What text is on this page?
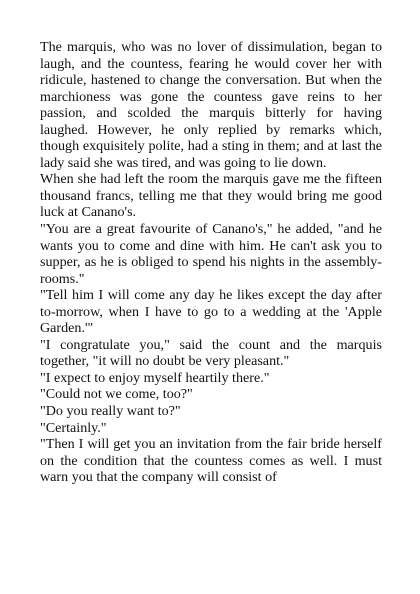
The marquis, who was no lover of dissimulation, began to laugh, and the countess, fearing he would cover her with ridicule, hastened to change the conversation. But when the marchioness was gone the countess gave reins to her passion, and scolded the marquis bitterly for having laughed. However, he only replied by remarks which, though exquisitely polite, had a sting in them; and at last the lady said she was tired, and was going to lie down.

When she had left the room the marquis gave me the fifteen thousand francs, telling me that they would bring me good luck at Canano's.

"You are a great favourite of Canano's," he added, "and he wants you to come and dine with him. He can't ask you to supper, as he is obliged to spend his nights in the assembly-rooms."

"Tell him I will come any day he likes except the day after to-morrow, when I have to go to a wedding at the 'Apple Garden.'"

"I congratulate you," said the count and the marquis together, "it will no doubt be very pleasant."

"I expect to enjoy myself heartily there."

"Could not we come, too?"

"Do you really want to?"

"Certainly."

"Then I will get you an invitation from the fair bride herself on the condition that the countess comes as well. I must warn you that the company will consist of
